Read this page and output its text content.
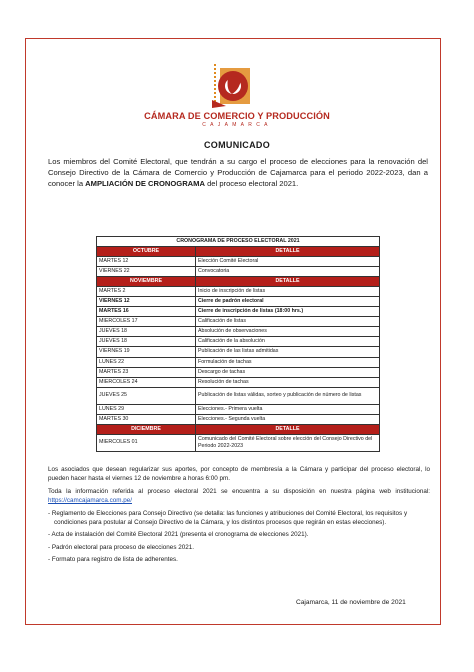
CÁMARA DE COMERCIO Y PRODUCCIÓN
CAJAMARCA
COMUNICADO
Los miembros del Comité Electoral, que tendrán a su cargo el proceso de elecciones para la renovación del Consejo Directivo de la Cámara de Comercio y Producción de Cajamarca para el periodo 2022-2023, dan a conocer la AMPLIACIÓN DE CRONOGRAMA del proceso electoral 2021.
CRONOGRAMA DE PROCESO ELECTORAL 2021	
OCTUBRE	DETALLE
MARTES 12	Elección Comité Electoral
VIERNES 22	Convocatoria
NOVIEMBRE	DETALLE
MARTES 2	Inicio de inscripción de listas
VIERNES 12	Cierre de padrón electoral
MARTES 16	Cierre de inscripción de listas (18:00 hrs.)
MIERCOLES 17	Calificación de listas
JUEVES 18	Absolución de observaciones
JUEVES 18	Calificación de la absolución
VIERNES 19	Publicación de las listas admitidas
LUNES 22	Formulación de tachas
MARTES 23	Descargo de tachas
MIERCOLES 24	Resolución de tachas
JUEVES 25	Publicación de listas válidas, sorteo y publicación de número de listas
LUNES 29	Elecciones.- Primera vuelta
MARTES 30	Elecciones.- Segunda vuelta
DICIEMBRE	DETALLE
MIERCOLES 01	Comunicado del Comité Electoral sobre elección del Consejo Directivo del Periodo 2022-2023

Los asociados que desean regularizar sus aportes, por concepto de membresía a la Cámara y participar del proceso electoral, lo pueden hacer hasta el viernes 12 de noviembre a horas 6:00 pm.

Toda la información referida al proceso electoral 2021 se encuentra a su disposición en nuestra página web institucional: https://camcajamarca.com.pe/

- Reglamento de Elecciones para Consejo Directivo (se detalla: las funciones y atribuciones del Comité Electoral, los requisitos y condiciones para postular al Consejo Directivo de la Cámara, y los distintos procesos que regirán en estas elecciones).
- Acta de instalación del Comité Electoral 2021 (presenta el cronograma de elecciones 2021).
- Padrón electoral para proceso de elecciones 2021.
- Formato para registro de lista de adherentes.
Cajamarca, 11 de noviembre de 2021
